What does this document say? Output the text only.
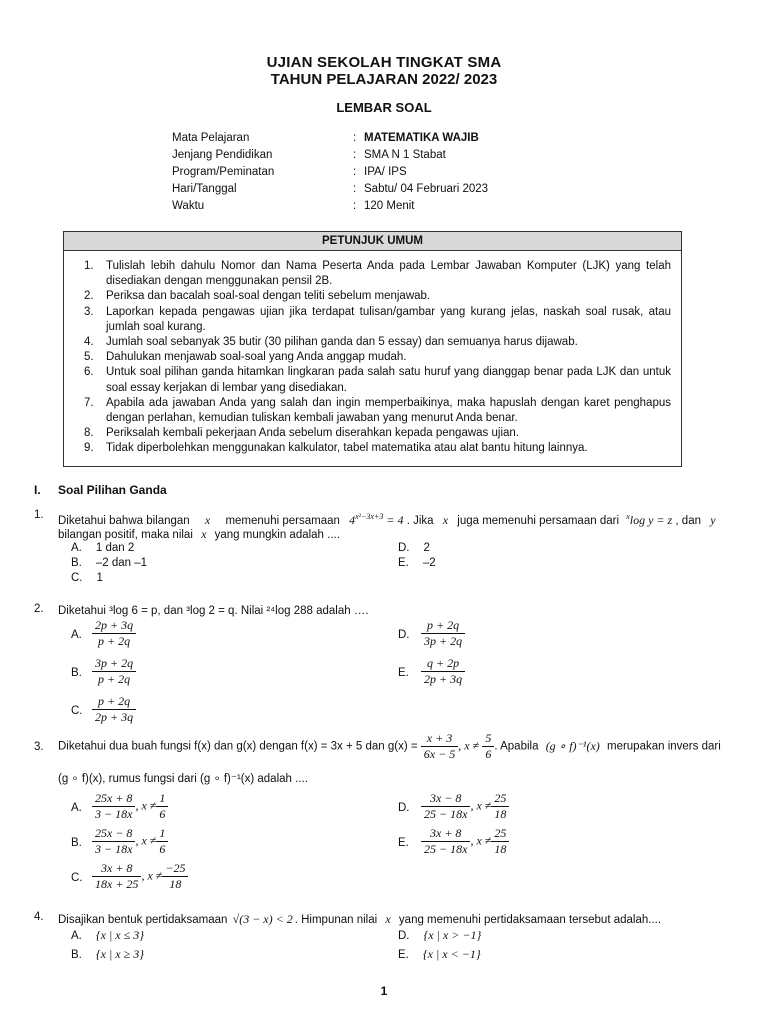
UJIAN SEKOLAH TINGKAT SMA
TAHUN PELAJARAN 2022/ 2023
LEMBAR SOAL
Mata Pelajaran	: MATEMATIKA WAJIB
Jenjang Pendidikan	: SMA N 1 Stabat
Program/Peminatan	: IPA/ IPS
Hari/Tanggal	: Sabtu/ 04 Februari 2023
Waktu	: 120 Menit
PETUNJUK UMUM
1. Tulislah lebih dahulu Nomor dan Nama Peserta Anda pada Lembar Jawaban Komputer (LJK) yang telah disediakan dengan menggunakan pensil 2B.
2. Periksa dan bacalah soal-soal dengan teliti sebelum menjawab.
3. Laporkan kepada pengawas ujian jika terdapat tulisan/gambar yang kurang jelas, naskah soal rusak, atau jumlah soal kurang.
4. Jumlah soal sebanyak 35 butir (30 pilihan ganda dan 5 essay) dan semuanya harus dijawab.
5. Dahulukan menjawab soal-soal yang Anda anggap mudah.
6. Untuk soal pilihan ganda hitamkan lingkaran pada salah satu huruf yang dianggap benar pada LJK dan untuk soal essay kerjakan di lembar yang disediakan.
7. Apabila ada jawaban Anda yang salah dan ingin memperbaikinya, maka hapuslah dengan karet penghapus dengan perlahan, kemudian tuliskan kembali jawaban yang menurut Anda benar.
8. Periksalah kembali pekerjaan Anda sebelum diserahkan kepada pengawas ujian.
9. Tidak diperbolehkan menggunakan kalkulator, tabel matematika atau alat bantu hitung lainnya.
I. Soal Pilihan Ganda
1. Diketahui bahwa bilangan x memenuhi persamaan $4^{x^2-3x+3} = 4$ . Jika x juga memenuhi persamaan dari $^x$log y = z , dan y
bilangan positif, maka nilai x yang mungkin adalah ....
A. 1 dan 2
B. –2 dan –1
C. 1
D. 2
E. –2
2. Diketahui ³log 6 = p, dan ³log 2 = q. Nilai ²⁴log 288 adalah ….
A. $\frac{2p + 3q}{p + 2q}$
B. $\frac{3p + 2q}{p + 2q}$
C. $\frac{p + 2q}{2p + 3q}$
D. $\frac{p + 2q}{3p + 2q}$
E. $\frac{q + 2p}{2p + 3q}$
3. Diketahui dua buah fungsi f(x) dan g(x) dengan f(x) = 3x + 5 dan $g(x) = \frac{x + 3}{6x - 5}$ , $x \ne \frac{5}{6}$ . Apabila (g ∘ f)⁻¹(x) merupakan invers dari
(g ∘ f)(x), rumus fungsi dari (g ∘ f)⁻¹(x) adalah ....
A. $\frac{25x + 8}{3 - 18x}$ , $x \ne \frac{1}{6}$
B. $\frac{25x - 8}{3 - 18x}$ , $x \ne \frac{1}{6}$
C. $\frac{3x + 8}{18x + 25}$ , $x \ne \frac{-25}{18}$
D. $\frac{3x - 8}{25 - 18x}$ , $x \ne \frac{25}{18}$
E. $\frac{3x + 8}{25 - 18x}$ , $x \ne \frac{25}{18}$
4. Disajikan bentuk pertidaksamaan √(3 − x) < 2 . Himpunan nilai x yang memenuhi pertidaksamaan tersebut adalah....
A. {x | x ≤ 3}
B. {x | x ≥ 3}
D. {x | x > −1}
E. {x | x < −1}
1
